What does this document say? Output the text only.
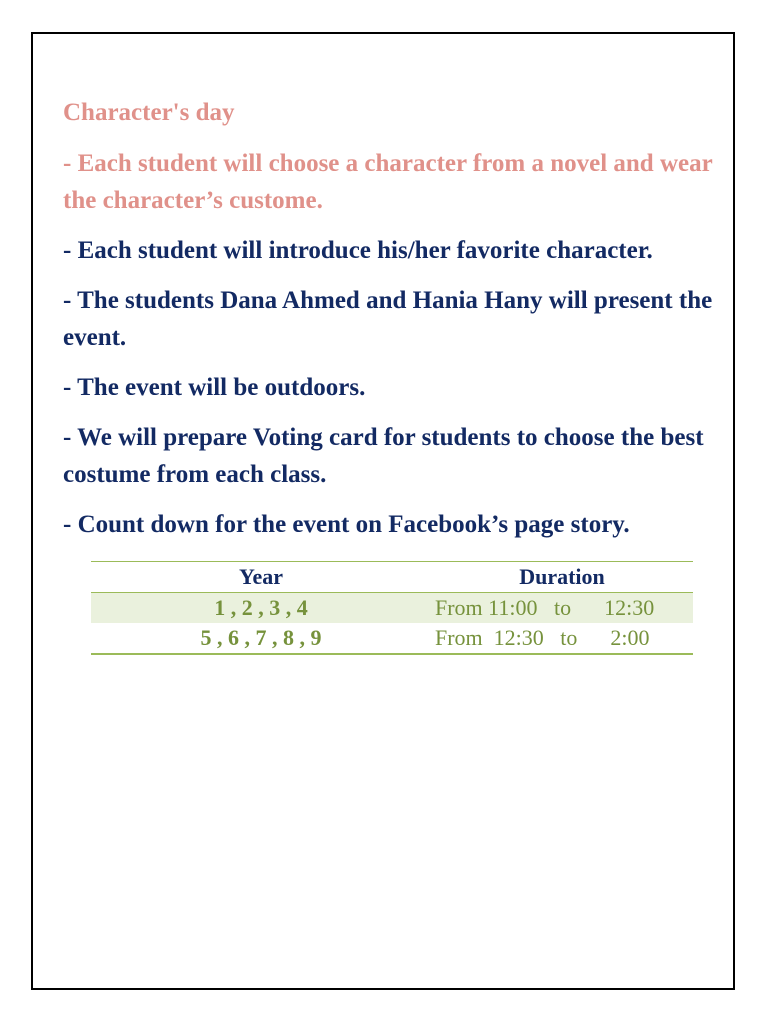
Character's day
- Each student will choose a character from a novel and wear the character’s custome.
- Each student will introduce his/her favorite character.
- The students Dana Ahmed and Hania Hany will present the event.
- The event will be outdoors.
- We will prepare Voting card for students to choose the best costume from each class.
- Count down for the event on Facebook’s page story.
Year	Duration
1 , 2 , 3 , 4	From 11:00   to      12:30
5 , 6 , 7 , 8 , 9	From  12:30   to      2:00
